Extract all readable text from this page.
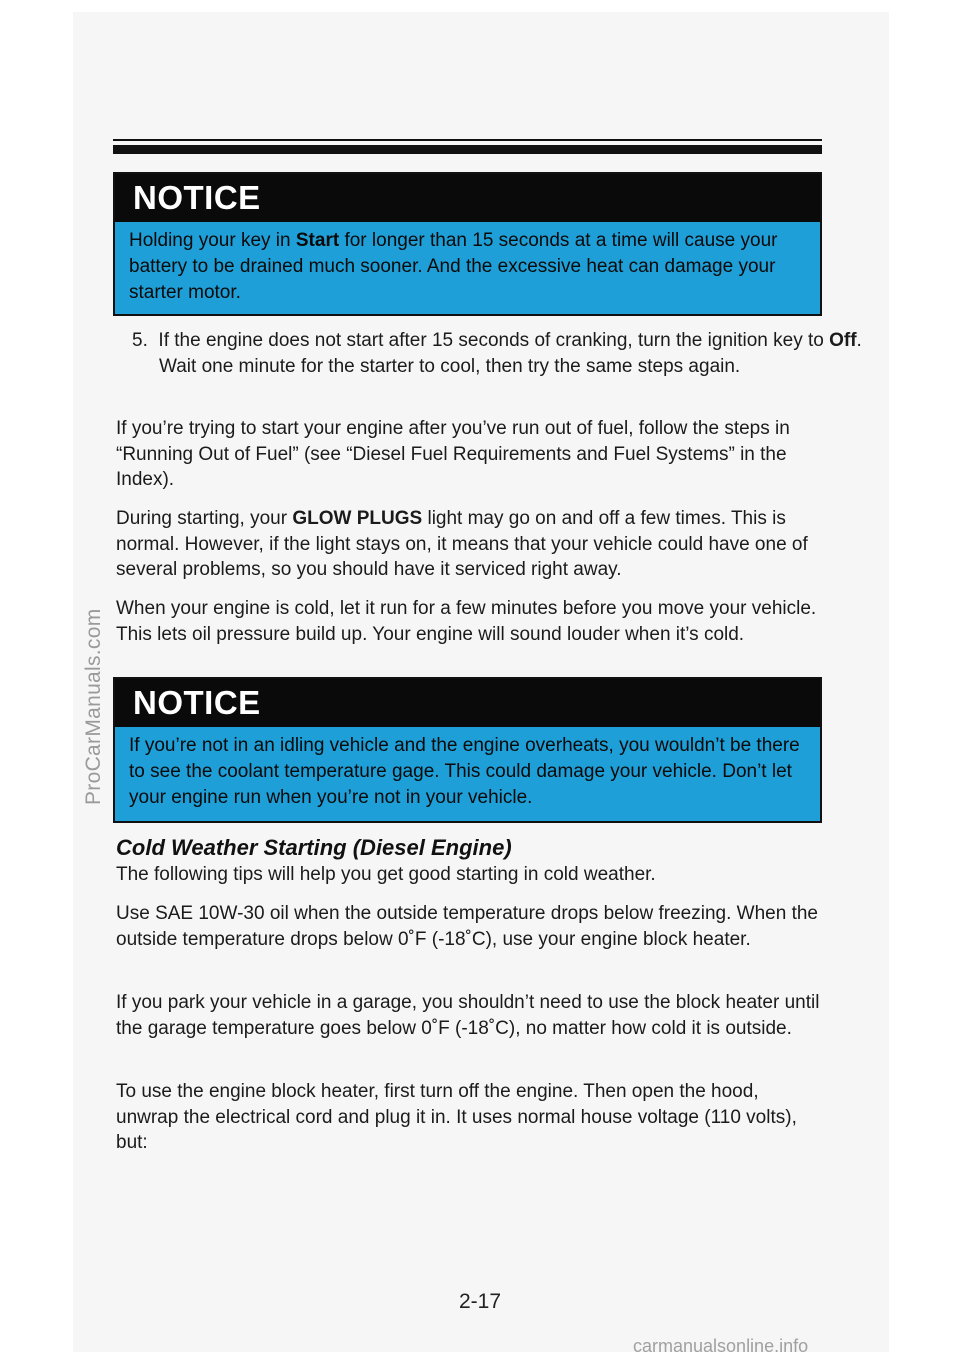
NOTICE
Holding your key in Start for longer than 15 seconds at a time will cause your battery to be drained much sooner. And the excessive heat can damage your starter motor.
5. If the engine does not start after 15 seconds of cranking, turn the ignition key to Off. Wait one minute for the starter to cool, then try the same steps again.
If you’re trying to start your engine after you’ve run out of fuel, follow the steps in “Running Out of Fuel” (see “Diesel Fuel Requirements and Fuel Systems” in the Index).
During starting, your GLOW PLUGS light may go on and off a few times. This is normal. However, if the light stays on, it means that your vehicle could have one of several problems, so you should have it serviced right away.
When your engine is cold, let it run for a few minutes before you move your vehicle. This lets oil pressure build up. Your engine will sound louder when it’s cold.
NOTICE
If you’re not in an idling vehicle and the engine overheats, you wouldn’t be there to see the coolant temperature gage. This could damage your vehicle. Don’t let your engine run when you’re not in your vehicle.
Cold Weather Starting (Diesel Engine)
The following tips will help you get good starting in cold weather.
Use SAE 10W-30 oil when the outside temperature drops below freezing. When the outside temperature drops below 0˚F (-18˚C), use your engine block heater.
If you park your vehicle in a garage, you shouldn’t need to use the block heater until the garage temperature goes below 0˚F (-18˚C), no matter how cold it is outside.
To use the engine block heater, first turn off the engine. Then open the hood, unwrap the electrical cord and plug it in. It uses normal house voltage (110 volts), but:
2-17
ProCarManuals.com
carmanualsonline.info
